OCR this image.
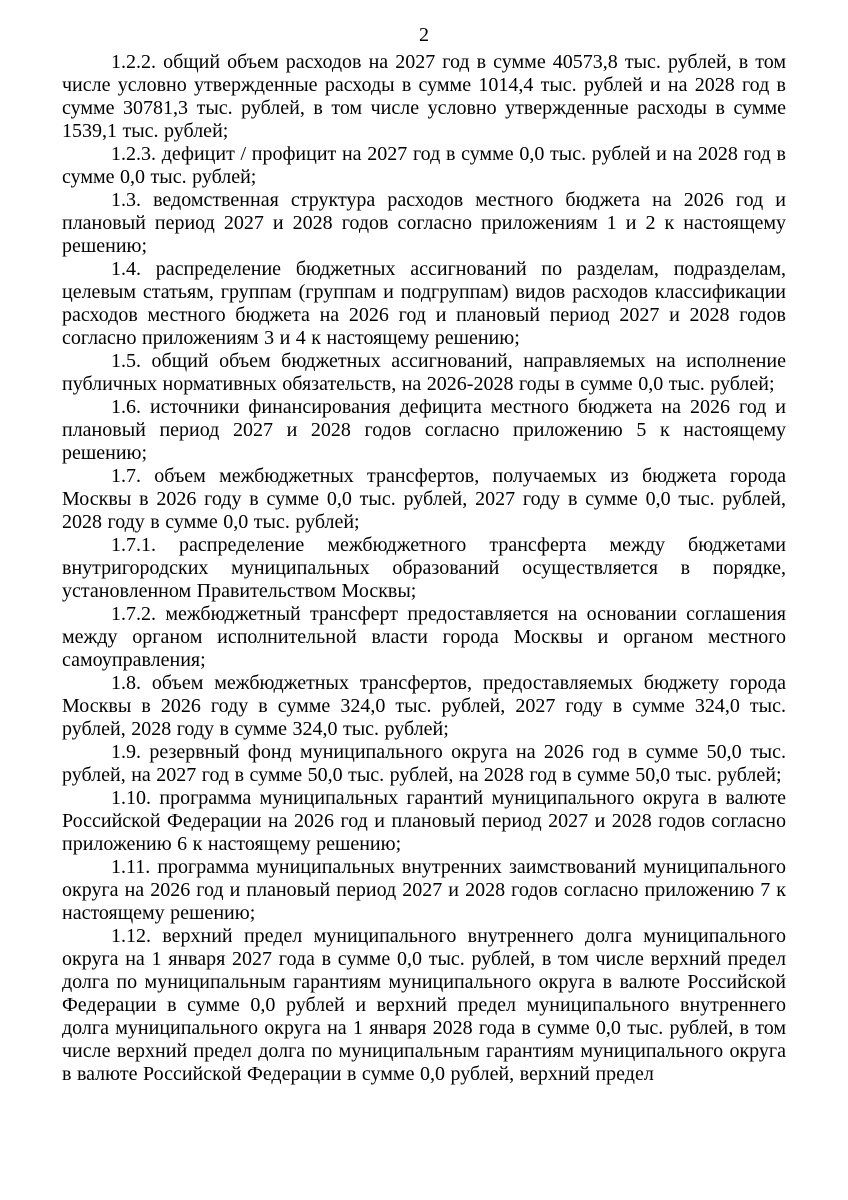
2

1.2.2. общий объем расходов на 2027 год в сумме 40573,8 тыс. рублей, в том числе условно утвержденные расходы в сумме 1014,4 тыс. рублей и на 2028 год в сумме 30781,3 тыс. рублей, в том числе условно утвержденные расходы в сумме 1539,1 тыс. рублей;

1.2.3. дефицит / профицит на 2027 год в сумме 0,0 тыс. рублей и на 2028 год в сумме 0,0 тыс. рублей;

1.3. ведомственная структура расходов местного бюджета на 2026 год и плановый период 2027 и 2028 годов согласно приложениям 1 и 2 к настоящему решению;

1.4. распределение бюджетных ассигнований по разделам, подразделам, целевым статьям, группам (группам и подгруппам) видов расходов классификации расходов местного бюджета на 2026 год и плановый период 2027 и 2028 годов согласно приложениям 3 и 4 к настоящему решению;

1.5. общий объем бюджетных ассигнований, направляемых на исполнение публичных нормативных обязательств, на 2026-2028 годы в сумме 0,0 тыс. рублей;

1.6. источники финансирования дефицита местного бюджета на 2026 год и плановый период 2027 и 2028 годов согласно приложению 5 к настоящему решению;

1.7. объем межбюджетных трансфертов, получаемых из бюджета города Москвы в 2026 году в сумме 0,0 тыс. рублей, 2027 году в сумме 0,0 тыс. рублей, 2028 году в сумме 0,0 тыс. рублей;

1.7.1. распределение межбюджетного трансферта между бюджетами внутригородских муниципальных образований осуществляется в порядке, установленном Правительством Москвы;

1.7.2. межбюджетный трансферт предоставляется на основании соглашения между органом исполнительной власти города Москвы и органом местного самоуправления;

1.8. объем межбюджетных трансфертов, предоставляемых бюджету города Москвы в 2026 году в сумме 324,0 тыс. рублей, 2027 году в сумме 324,0 тыс. рублей, 2028 году в сумме 324,0 тыс. рублей;

1.9. резервный фонд муниципального округа на 2026 год в сумме 50,0 тыс. рублей, на 2027 год в сумме 50,0 тыс. рублей, на 2028 год в сумме 50,0 тыс. рублей;

1.10. программа муниципальных гарантий муниципального округа в валюте Российской Федерации на 2026 год и плановый период 2027 и 2028 годов согласно приложению 6 к настоящему решению;

1.11. программа муниципальных внутренних заимствований муниципального округа на 2026 год и плановый период 2027 и 2028 годов согласно приложению 7 к настоящему решению;

1.12. верхний предел муниципального внутреннего долга муниципального округа на 1 января 2027 года в сумме 0,0 тыс. рублей, в том числе верхний предел долга по муниципальным гарантиям муниципального округа в валюте Российской Федерации в сумме 0,0 рублей и верхний предел муниципального внутреннего долга муниципального округа на 1 января 2028 года в сумме 0,0 тыс. рублей, в том числе верхний предел долга по муниципальным гарантиям муниципального округа в валюте Российской Федерации в сумме 0,0 рублей, верхний предел
